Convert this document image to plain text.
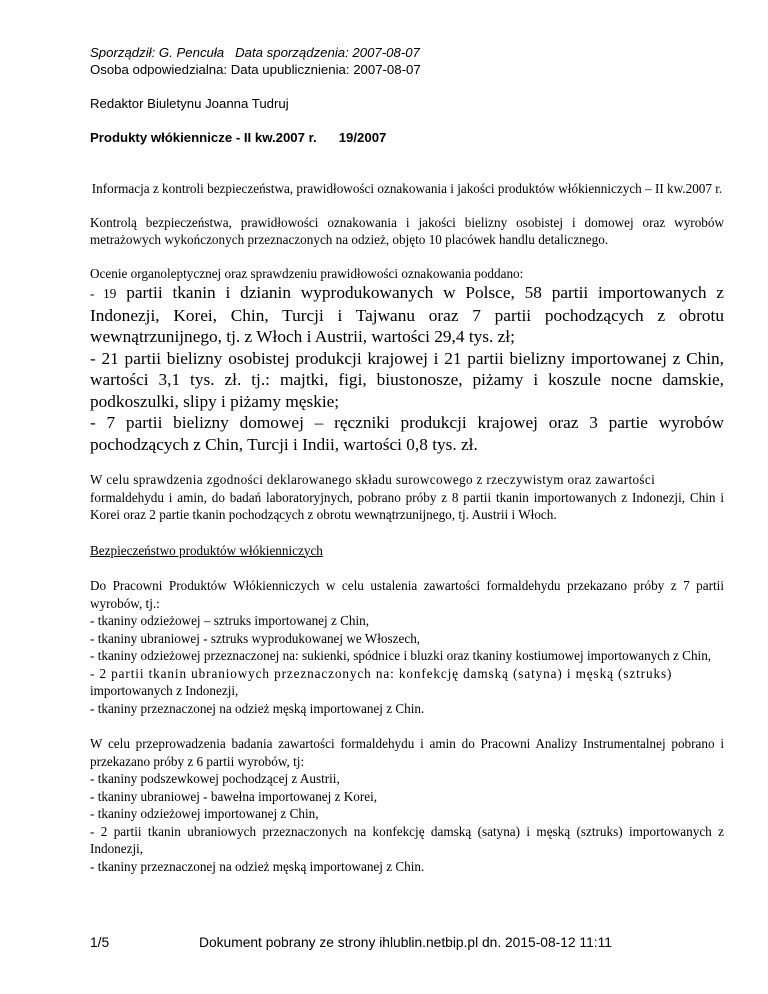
Sporządził: G. Pencuła   Data sporządzenia: 2007-08-07
Osoba odpowiedzialna: Data upublicznienia: 2007-08-07
Redaktor Biuletynu Joanna Tudruj
Produkty włókiennicze - II kw.2007 r. 19/2007
Informacja z kontroli bezpieczeństwa, prawidłowości oznakowania i jakości produktów włókienniczych – II kw.2007 r.
Kontrolą bezpieczeństwa, prawidłowości oznakowania i jakości bielizny osobistej i domowej oraz wyrobów metrażowych wykończonych przeznaczonych na odzież, objęto 10 placówek handlu detalicznego.
Ocenie organoleptycznej oraz sprawdzeniu prawidłowości oznakowania poddano:
- 19 partii tkanin i dzianin wyprodukowanych w Polsce, 58 partii importowanych z Indonezji, Korei, Chin, Turcji i Tajwanu oraz 7 partii pochodzących z obrotu wewnątrzunijnego, tj. z Włoch i Austrii, wartości 29,4 tys. zł;
- 21 partii bielizny osobistej produkcji krajowej i 21 partii bielizny importowanej z Chin, wartości 3,1 tys. zł. tj.: majtki, figi, biustonosze, piżamy i koszule nocne damskie, podkoszulki, slipy i piżamy męskie;
- 7 partii bielizny domowej – ręczniki produkcji krajowej oraz 3 partie wyrobów pochodzących z Chin, Turcji i Indii, wartości 0,8 tys. zł.
W celu sprawdzenia zgodności deklarowanego składu surowcowego z rzeczywistym oraz zawartości
formaldehydu i amin, do badań laboratoryjnych, pobrano próby z 8 partii tkanin importowanych z Indonezji, Chin i Korei oraz 2 partie tkanin pochodzących z obrotu wewnątrzunijnego, tj. Austrii i Włoch.
Bezpieczeństwo produktów włókienniczych
Do Pracowni Produktów Włókienniczych w celu ustalenia zawartości formaldehydu przekazano próby z 7 partii wyrobów, tj.:
- tkaniny odzieżowej – sztruks importowanej z Chin,
- tkaniny ubraniowej - sztruks wyprodukowanej we Włoszech,
- tkaniny odzieżowej przeznaczonej na: sukienki, spódnice i bluzki oraz tkaniny kostiumowej importowanych z Chin,
- 2 partii tkanin ubraniowych przeznaczonych na: konfekcję damską (satyna) i męską (sztruks)
importowanych z Indonezji,
- tkaniny przeznaczonej na odzież męską importowanej z Chin.
W celu przeprowadzenia badania zawartości formaldehydu i amin do Pracowni Analizy Instrumentalnej pobrano i przekazano próby z 6 partii wyrobów, tj:
- tkaniny podszewkowej pochodzącej z Austrii,
- tkaniny ubraniowej - bawełna importowanej z Korei,
- tkaniny odzieżowej importowanej z Chin,
- 2 partii tkanin ubraniowych przeznaczonych na konfekcję damską (satyna) i męską (sztruks) importowanych z Indonezji,
- tkaniny przeznaczonej na odzież męską importowanej z Chin.
1/5	Dokument pobrany ze strony ihlublin.netbip.pl dn. 2015-08-12 11:11
